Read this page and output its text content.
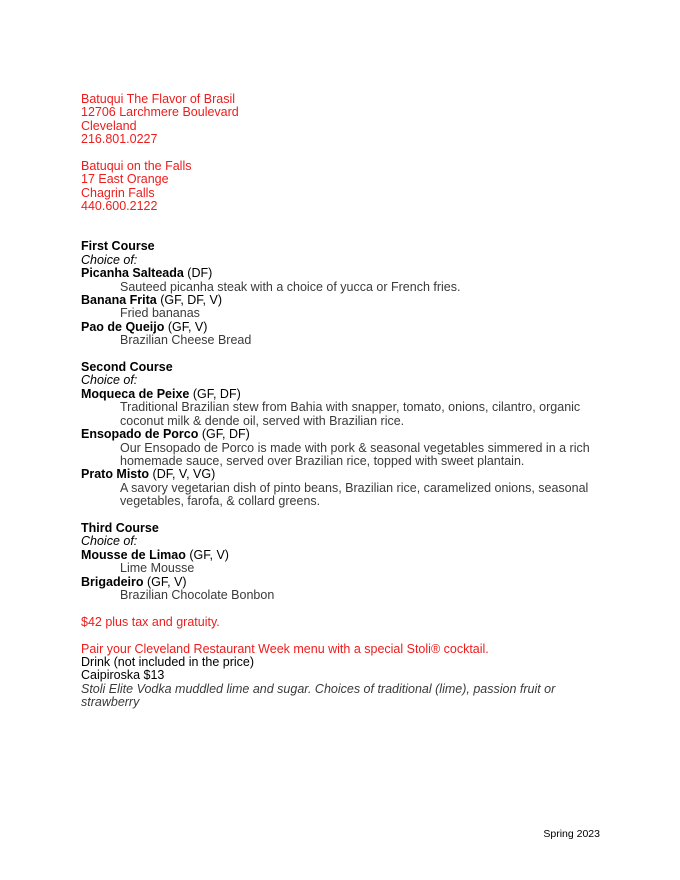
Batuqui The Flavor of Brasil
12706 Larchmere Boulevard
Cleveland
216.801.0227
Batuqui on the Falls
17 East Orange
Chagrin Falls
440.600.2122
First Course
Choice of:
Picanha Salteada (DF)
Sauteed picanha steak with a choice of yucca or French fries.
Banana Frita (GF, DF, V)
Fried bananas
Pao de Queijo (GF, V)
Brazilian Cheese Bread
Second Course
Choice of:
Moqueca de Peixe (GF, DF)
Traditional Brazilian stew from Bahia with snapper, tomato, onions, cilantro, organic coconut milk & dende oil, served with Brazilian rice.
Ensopado de Porco (GF, DF)
Our Ensopado de Porco is made with pork & seasonal vegetables simmered in a rich homemade sauce, served over Brazilian rice, topped with sweet plantain.
Prato Misto (DF, V, VG)
A savory vegetarian dish of pinto beans, Brazilian rice, caramelized onions, seasonal vegetables, farofa, & collard greens.
Third Course
Choice of:
Mousse de Limao (GF, V)
Lime Mousse
Brigadeiro (GF, V)
Brazilian Chocolate Bonbon
$42 plus tax and gratuity.
Pair your Cleveland Restaurant Week menu with a special Stoli® cocktail.
Drink (not included in the price)
Caipiroska $13
Stoli Elite Vodka muddled lime and sugar. Choices of traditional (lime), passion fruit or strawberry
Spring 2023
